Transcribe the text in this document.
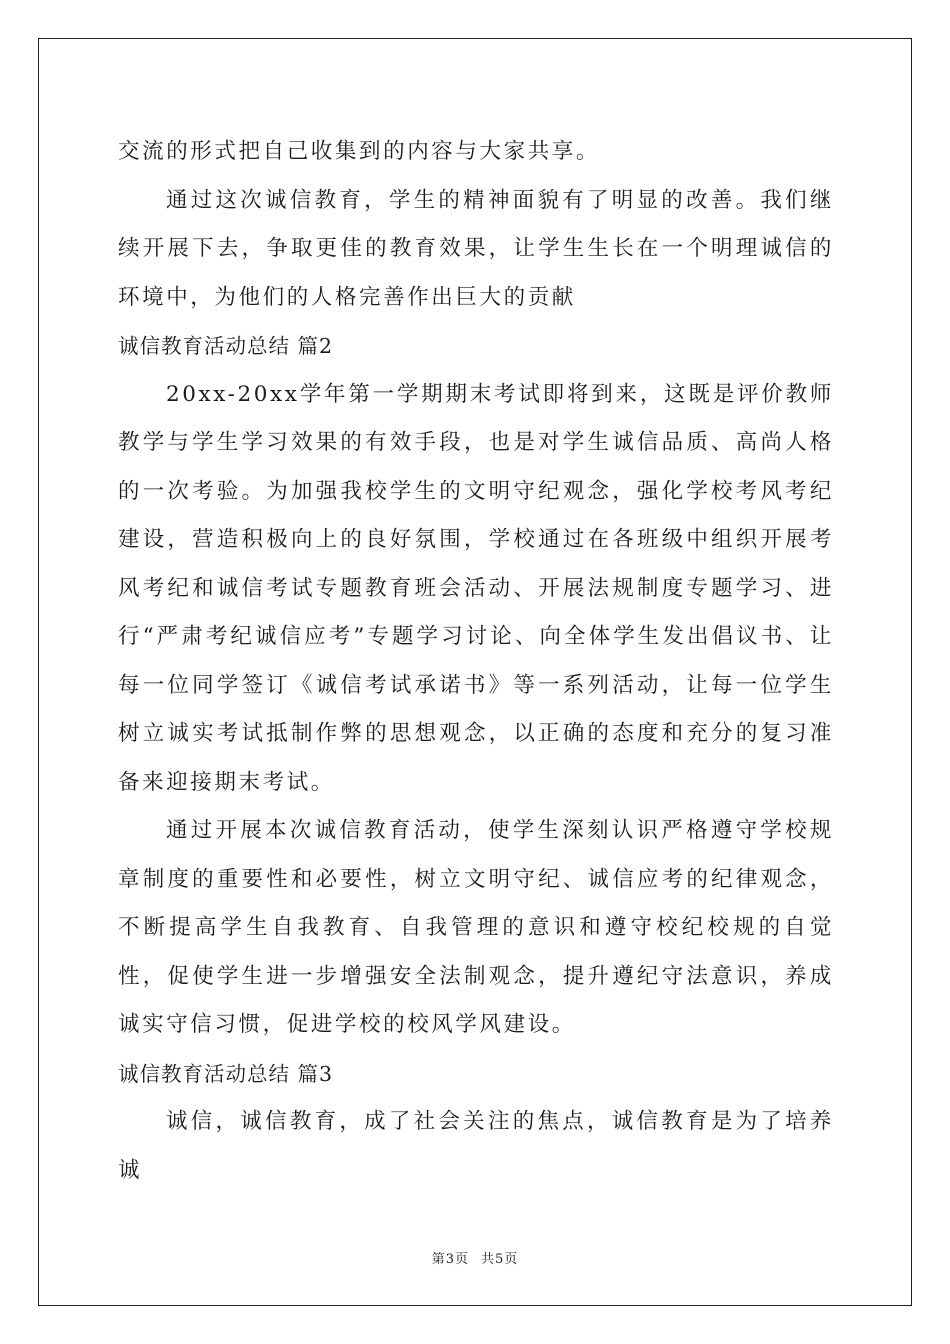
交流的形式把自己收集到的内容与大家共享。

通过这次诚信教育，学生的精神面貌有了明显的改善。我们继续开展下去，争取更佳的教育效果，让学生生长在一个明理诚信的环境中，为他们的人格完善作出巨大的贡献

诚信教育活动总结 篇2

20xx-20xx学年第一学期期末考试即将到来，这既是评价教师教学与学生学习效果的有效手段，也是对学生诚信品质、高尚人格的一次考验。为加强我校学生的文明守纪观念，强化学校考风考纪建设，营造积极向上的良好氛围，学校通过在各班级中组织开展考风考纪和诚信考试专题教育班会活动、开展法规制度专题学习、进行“严肃考纪诚信应考”专题学习讨论、向全体学生发出倡议书、让每一位同学签订《诚信考试承诺书》等一系列活动，让每一位学生树立诚实考试抵制作弊的思想观念，以正确的态度和充分的复习准备来迎接期末考试。

通过开展本次诚信教育活动，使学生深刻认识严格遵守学校规章制度的重要性和必要性，树立文明守纪、诚信应考的纪律观念，不断提高学生自我教育、自我管理的意识和遵守校纪校规的自觉性，促使学生进一步增强安全法制观念，提升遵纪守法意识，养成诚实守信习惯，促进学校的校风学风建设。

诚信教育活动总结 篇3

诚信，诚信教育，成了社会关注的焦点，诚信教育是为了培养诚

第3页 共5页
